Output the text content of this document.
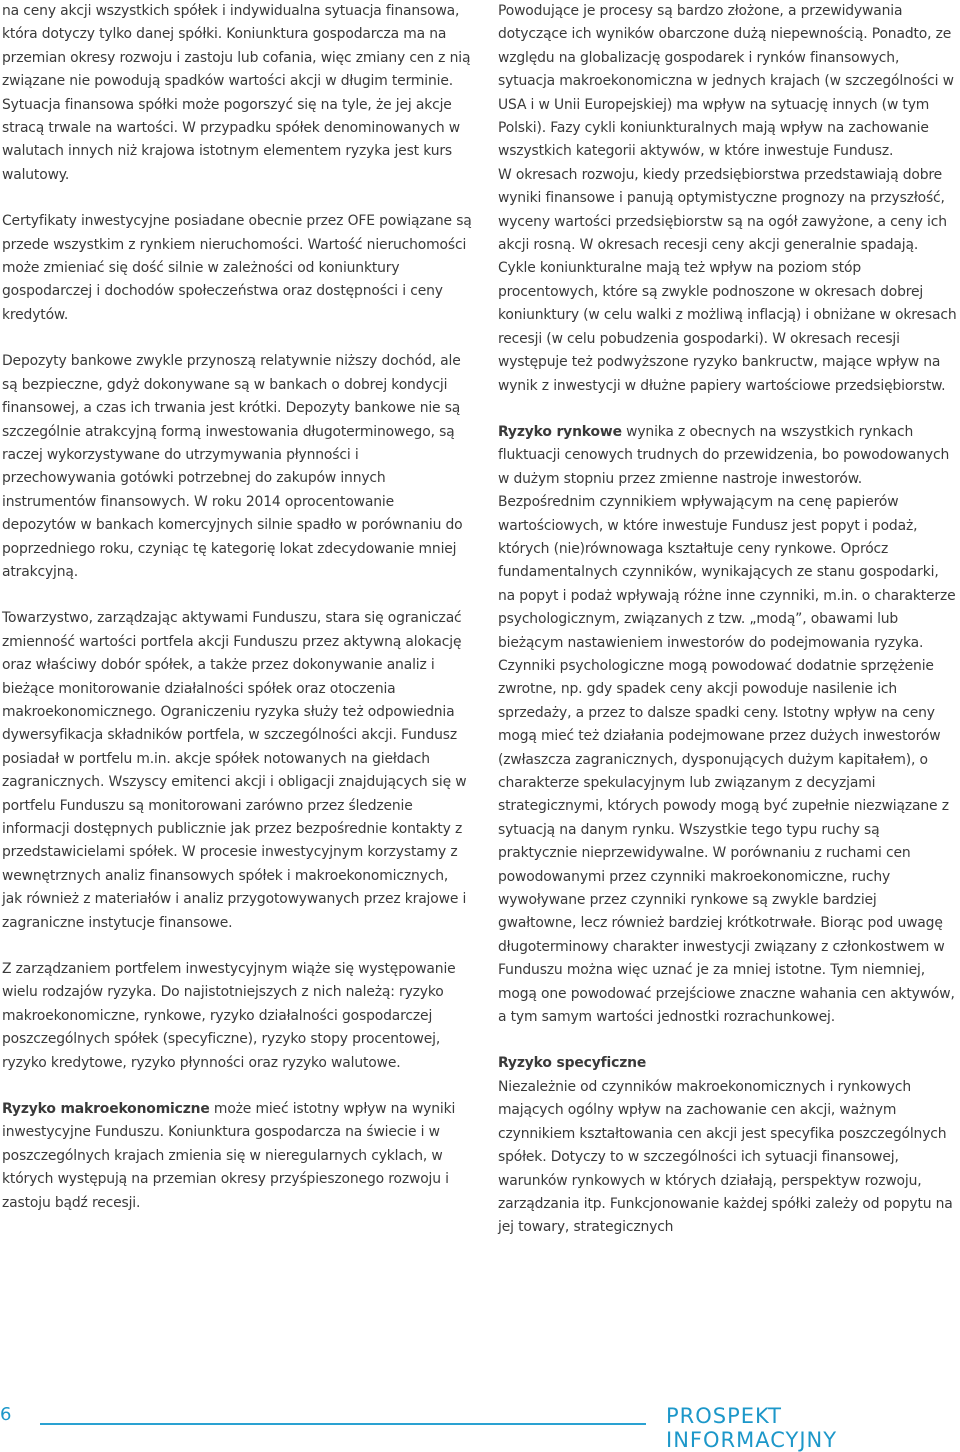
na ceny akcji wszystkich spółek i indywidualna sytuacja finansowa, która dotyczy tylko danej spółki. Koniunktura gospodarcza ma na przemian okresy rozwoju i zastoju lub cofania, więc zmiany cen z nią związane nie powodują spadków wartości akcji w długim terminie. Sytuacja finansowa spółki może pogorszyć się na tyle, że jej akcje stracą trwale na wartości. W przypadku spółek denominowanych w walutach innych niż krajowa istotnym elementem ryzyka jest kurs walutowy.

Certyfikaty inwestycyjne posiadane obecnie przez OFE powiązane są przede wszystkim z rynkiem nieruchomości. Wartość nieruchomości może zmieniać się dość silnie w zależności od koniunktury gospodarczej i dochodów społeczeństwa oraz dostępności i ceny kredytów.

Depozyty bankowe zwykle przynoszą relatywnie niższy dochód, ale są bezpieczne, gdyż dokonywane są w bankach o dobrej kondycji finansowej, a czas ich trwania jest krótki. Depozyty bankowe nie są szczególnie atrakcyjną formą inwestowania długoterminowego, są raczej wykorzystywane do utrzymywania płynności i przechowywania gotówki potrzebnej do zakupów innych instrumentów finansowych. W roku 2014 oprocentowanie depozytów w bankach komercyjnych silnie spadło w porównaniu do poprzedniego roku, czyniąc tę kategorię lokat zdecydowanie mniej atrakcyjną.

Towarzystwo, zarządzając aktywami Funduszu, stara się ograniczać zmienność wartości portfela akcji Funduszu przez aktywną alokację oraz właściwy dobór spółek, a także przez dokonywanie analiz i bieżące monitorowanie działalności spółek oraz otoczenia makroekonomicznego. Ograniczeniu ryzyka służy też odpowiednia dywersyfikacja składników portfela, w szczególności akcji. Fundusz posiadał w portfelu m.in. akcje spółek notowanych na giełdach zagranicznych. Wszyscy emitenci akcji i obligacji znajdujących się w portfelu Funduszu są monitorowani zarówno przez śledzenie informacji dostępnych publicznie jak przez bezpośrednie kontakty z przedstawicielami spółek. W procesie inwestycyjnym korzystamy z wewnętrznych analiz finansowych spółek i makroekonomicznych, jak również z materiałów i analiz przygotowywanych przez krajowe i zagraniczne instytucje finansowe.

Z zarządzaniem portfelem inwestycyjnym wiąże się występowanie wielu rodzajów ryzyka. Do najistotniejszych z nich należą: ryzyko makroekonomiczne, rynkowe, ryzyko działalności gospodarczej poszczególnych spółek (specyficzne), ryzyko stopy procentowej, ryzyko kredytowe, ryzyko płynności oraz ryzyko walutowe.

Ryzyko makroekonomiczne może mieć istotny wpływ na wyniki inwestycyjne Funduszu. Koniunktura gospodarcza na świecie i w poszczególnych krajach zmienia się w nieregularnych cyklach, w których występują na przemian okresy przyśpieszonego rozwoju i zastoju bądź recesji.

Powodujące je procesy są bardzo złożone, a przewidywania dotyczące ich wyników obarczone dużą niepewnością. Ponadto, ze względu na globalizację gospodarek i rynków finansowych, sytuacja makroekonomiczna w jednych krajach (w szczególności w USA i w Unii Europejskiej) ma wpływ na sytuację innych (w tym Polski). Fazy cykli koniunkturalnych mają wpływ na zachowanie wszystkich kategorii aktywów, w które inwestuje Fundusz.

W okresach rozwoju, kiedy przedsiębiorstwa przedstawiają dobre wyniki finansowe i panują optymistyczne prognozy na przyszłość, wyceny wartości przedsiębiorstw są na ogół zawyżone, a ceny ich akcji rosną. W okresach recesji ceny akcji generalnie spadają. Cykle koniunkturalne mają też wpływ na poziom stóp procentowych, które są zwykle podnoszone w okresach dobrej koniunktury (w celu walki z możliwą inflacją) i obniżane w okresach recesji (w celu pobudzenia gospodarki). W okresach recesji występuje też podwyższone ryzyko bankructw, mające wpływ na wynik z inwestycji w dłużne papiery wartościowe przedsiębiorstw.

Ryzyko rynkowe wynika z obecnych na wszystkich rynkach fluktuacji cenowych trudnych do przewidzenia, bo powodowanych w dużym stopniu przez zmienne nastroje inwestorów. Bezpośrednim czynnikiem wpływającym na cenę papierów wartościowych, w które inwestuje Fundusz jest popyt i podaż, których (nie)równowaga kształtuje ceny rynkowe. Oprócz fundamentalnych czynników, wynikających ze stanu gospodarki, na popyt i podaż wpływają różne inne czynniki, m.in. o charakterze psychologicznym, związanych z tzw. „modą”, obawami lub bieżącym nastawieniem inwestorów do podejmowania ryzyka. Czynniki psychologiczne mogą powodować dodatnie sprzężenie zwrotne, np. gdy spadek ceny akcji powoduje nasilenie ich sprzedaży, a przez to dalsze spadki ceny. Istotny wpływ na ceny mogą mieć też działania podejmowane przez dużych inwestorów (zwłaszcza zagranicznych, dysponujących dużym kapitałem), o charakterze spekulacyjnym lub związanym z decyzjami strategicznymi, których powody mogą być zupełnie niezwiązane z sytuacją na danym rynku. Wszystkie tego typu ruchy są praktycznie nieprzewidywalne. W porównaniu z ruchami cen powodowanymi przez czynniki makroekonomiczne, ruchy wywoływane przez czynniki rynkowe są zwykle bardziej gwałtowne, lecz również bardziej krótkotrwałe. Biorąc pod uwagę długoterminowy charakter inwestycji związany z członkostwem w Funduszu można więc uznać je za mniej istotne. Tym niemniej, mogą one powodować przejściowe znaczne wahania cen aktywów, a tym samym wartości jednostki rozrachunkowej.

Ryzyko specyficzne

Niezależnie od czynników makroekonomicznych i rynkowych mających ogólny wpływ na zachowanie cen akcji, ważnym czynnikiem kształtowania cen akcji jest specyfika poszczególnych spółek. Dotyczy to w szczególności ich sytuacji finansowej, warunków rynkowych w których działają, perspektyw rozwoju, zarządzania itp. Funkcjonowanie każdej spółki zależy od popytu na jej towary, strategicznych

6	PROSPEKT INFORMACYJNY
